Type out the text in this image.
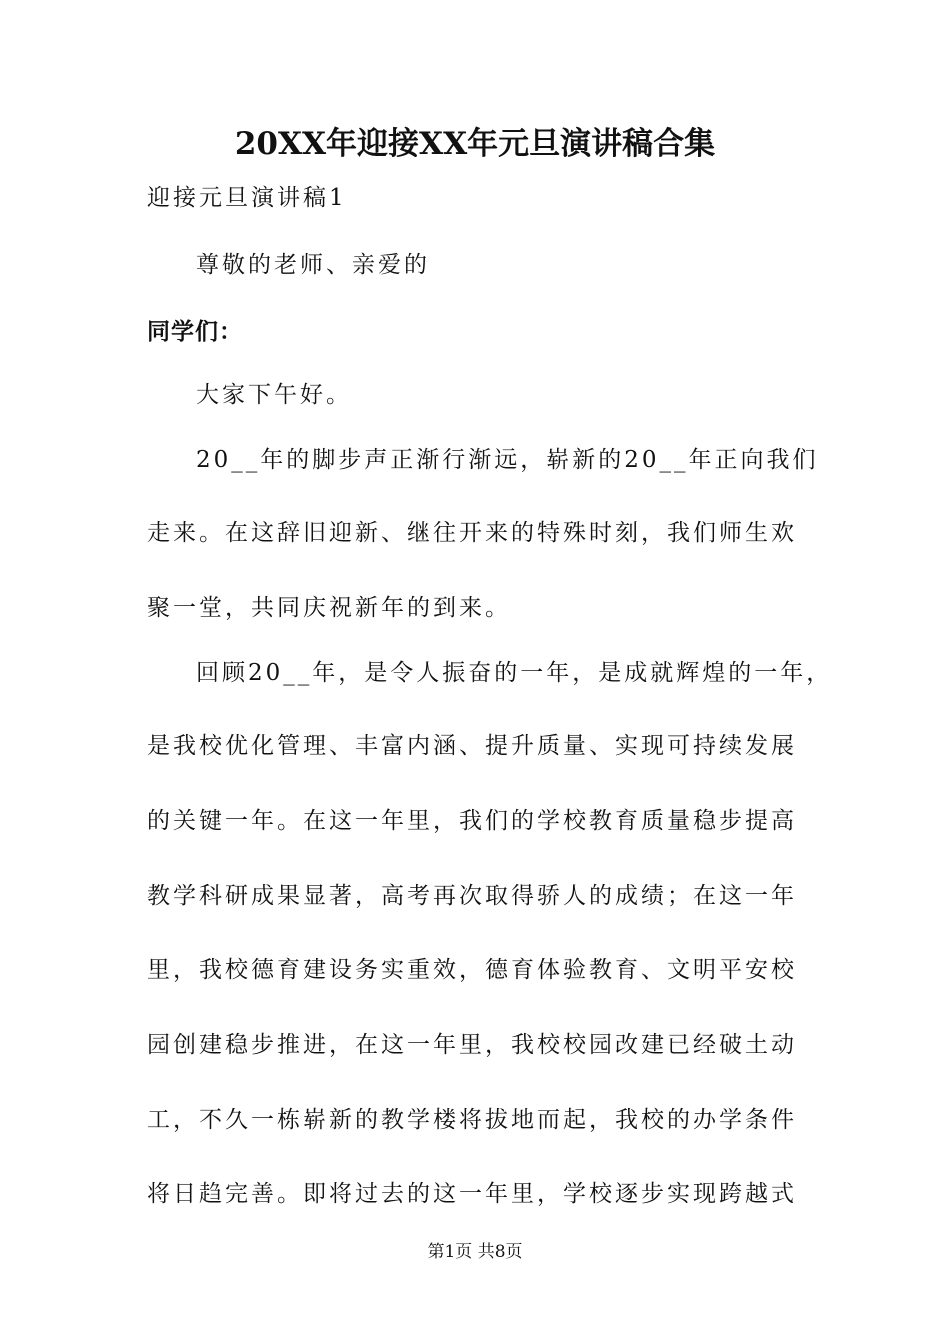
20XX年迎接XX年元旦演讲稿合集

迎接元旦演讲稿1

尊敬的老师、亲爱的

同学们：

大家下午好。

20__年的脚步声正渐行渐远，崭新的20__年正向我们

走来。在这辞旧迎新、继往开来的特殊时刻，我们师生欢

聚一堂，共同庆祝新年的到来。

回顾20__年，是令人振奋的一年，是成就辉煌的一年，

是我校优化管理、丰富内涵、提升质量、实现可持续发展

的关键一年。在这一年里，我们的学校教育质量稳步提高

教学科研成果显著，高考再次取得骄人的成绩；在这一年

里，我校德育建设务实重效，德育体验教育、文明平安校

园创建稳步推进，在这一年里，我校校园改建已经破土动

工，不久一栋崭新的教学楼将拔地而起，我校的办学条件

将日趋完善。即将过去的这一年里，学校逐步实现跨越式

第1页 共8页
